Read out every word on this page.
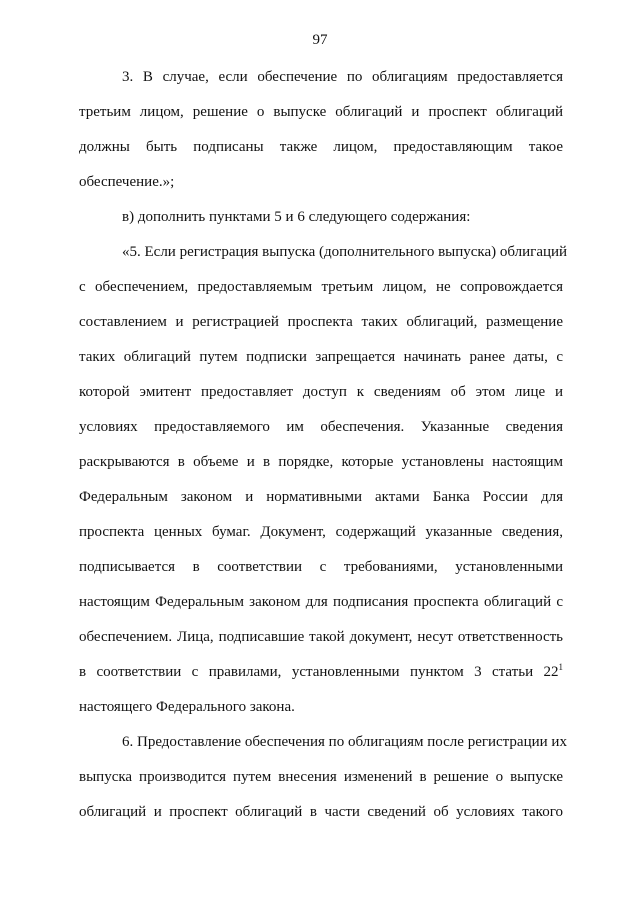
97
3. В случае, если обеспечение по облигациям предоставляется
третьим лицом, решение о выпуске облигаций и проспект облигаций
должны быть подписаны также лицом, предоставляющим такое
обеспечение.»;
в) дополнить пунктами 5 и 6 следующего содержания:
«5. Если регистрация выпуска (дополнительного выпуска) облигаций
с обеспечением, предоставляемым третьим лицом, не сопровождается
составлением и регистрацией проспекта таких облигаций, размещение
таких облигаций путем подписки запрещается начинать ранее даты, с
которой эмитент предоставляет доступ к сведениям об этом лице и
условиях предоставляемого им обеспечения. Указанные сведения
раскрываются в объеме и в порядке, которые установлены настоящим
Федеральным законом и нормативными актами Банка России для
проспекта ценных бумаг. Документ, содержащий указанные сведения,
подписывается в соответствии с требованиями, установленными
настоящим Федеральным законом для подписания проспекта облигаций с
обеспечением. Лица, подписавшие такой документ, несут ответственность
в соответствии с правилами, установленными пунктом 3 статьи $22^1$
настоящего Федерального закона.
6. Предоставление обеспечения по облигациям после регистрации их
выпуска производится путем внесения изменений в решение о выпуске
облигаций и проспект облигаций в части сведений об условиях такого
